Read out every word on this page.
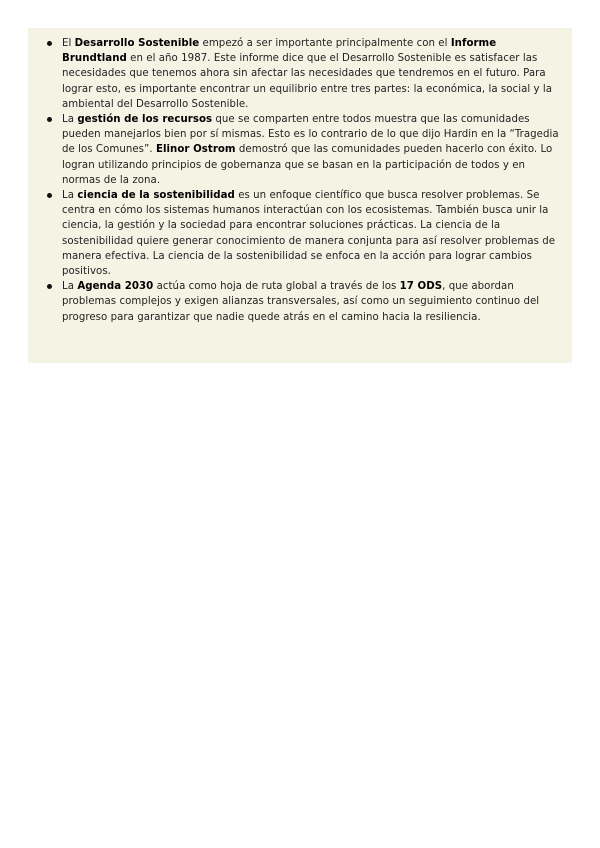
El Desarrollo Sostenible empezó a ser importante principalmente con el Informe Brundtland en el año 1987. Este informe dice que el Desarrollo Sostenible es satisfacer las necesidades que tenemos ahora sin afectar las necesidades que tendremos en el futuro. Para lograr esto, es importante encontrar un equilibrio entre tres partes: la económica, la social y la ambiental del Desarrollo Sostenible.
La gestión de los recursos que se comparten entre todos muestra que las comunidades pueden manejarlos bien por sí mismas. Esto es lo contrario de lo que dijo Hardin en la “Tragedia de los Comunes”. Elinor Ostrom demostró que las comunidades pueden hacerlo con éxito. Lo logran utilizando principios de gobernanza que se basan en la participación de todos y en normas de la zona.
La ciencia de la sostenibilidad es un enfoque científico que busca resolver problemas. Se centra en cómo los sistemas humanos interactúan con los ecosistemas. También busca unir la ciencia, la gestión y la sociedad para encontrar soluciones prácticas. La ciencia de la sostenibilidad quiere generar conocimiento de manera conjunta para así resolver problemas de manera efectiva. La ciencia de la sostenibilidad se enfoca en la acción para lograr cambios positivos.
La Agenda 2030 actúa como hoja de ruta global a través de los 17 ODS, que abordan problemas complejos y exigen alianzas transversales, así como un seguimiento continuo del progreso para garantizar que nadie quede atrás en el camino hacia la resiliencia.
